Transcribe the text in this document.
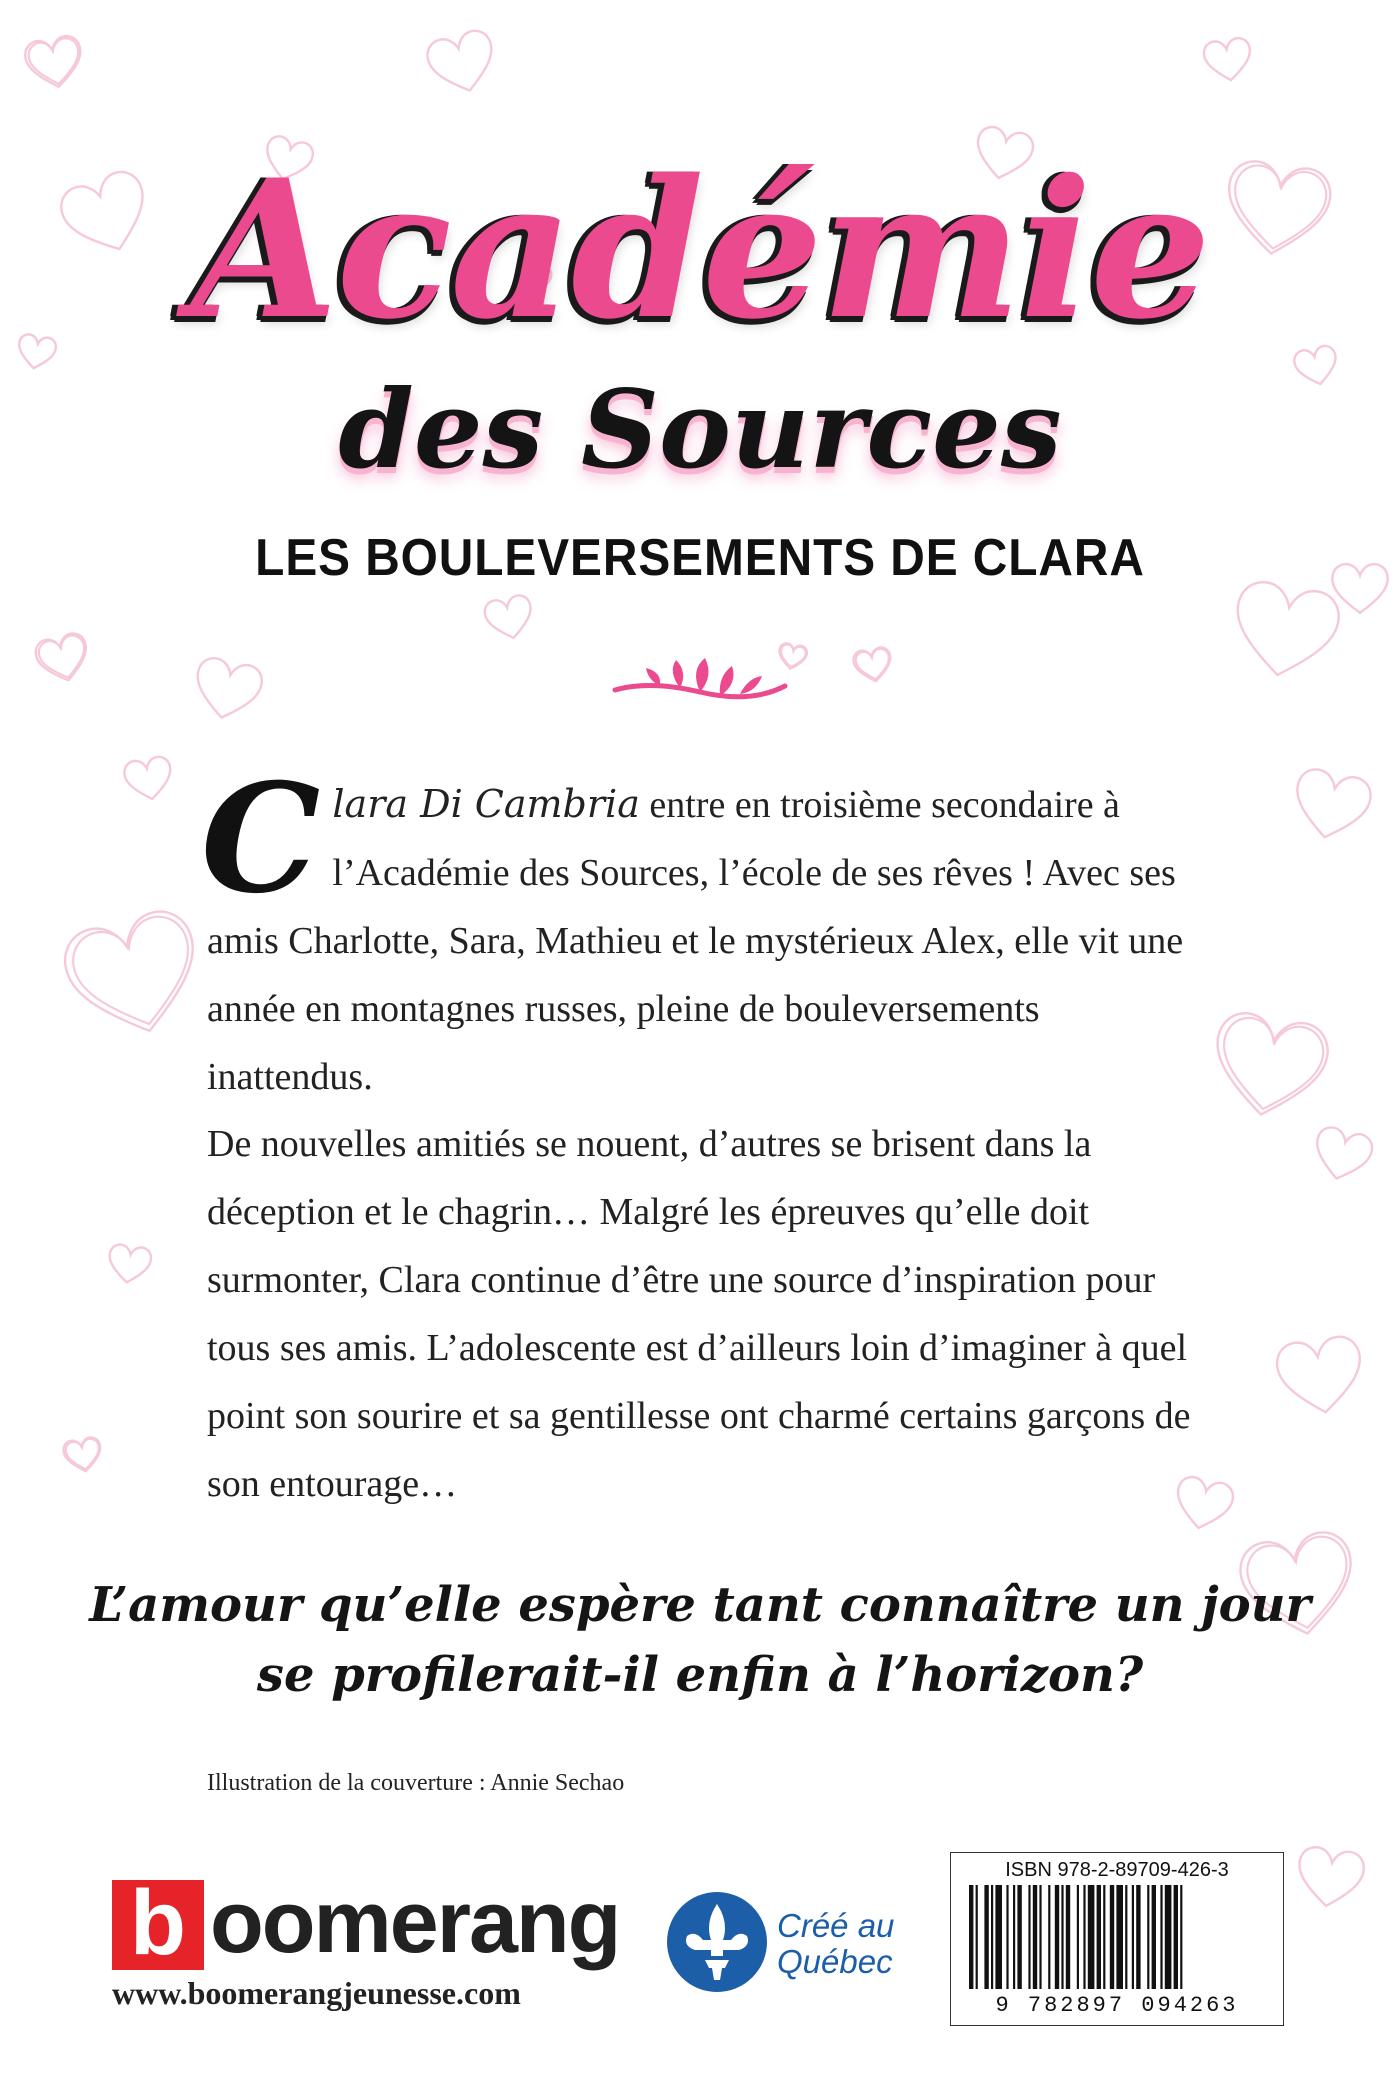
Académie
des Sources
LES BOULEVERSEMENTS DE CLARA
Clara Di Cambria entre en troisième secondaire à l’Académie des Sources, l’école de ses rêves ! Avec ses amis Charlotte, Sara, Mathieu et le mystérieux Alex, elle vit une année en montagnes russes, pleine de bouleversements inattendus.
De nouvelles amitiés se nouent, d’autres se brisent dans la déception et le chagrin… Malgré les épreuves qu’elle doit surmonter, Clara continue d’être une source d’inspiration pour tous ses amis. L’adolescente est d’ailleurs loin d’imaginer à quel point son sourire et sa gentillesse ont charmé certains garçons de son entourage…
L’amour qu’elle espère tant connaître un jour
se profilerait-il enfin à l’horizon?
Illustration de la couverture : Annie Sechao
b oomerang
www.boomerangjeunesse.com
Créé au
Québec
ISBN 978-2-89709-426-3
9 782897 094263
